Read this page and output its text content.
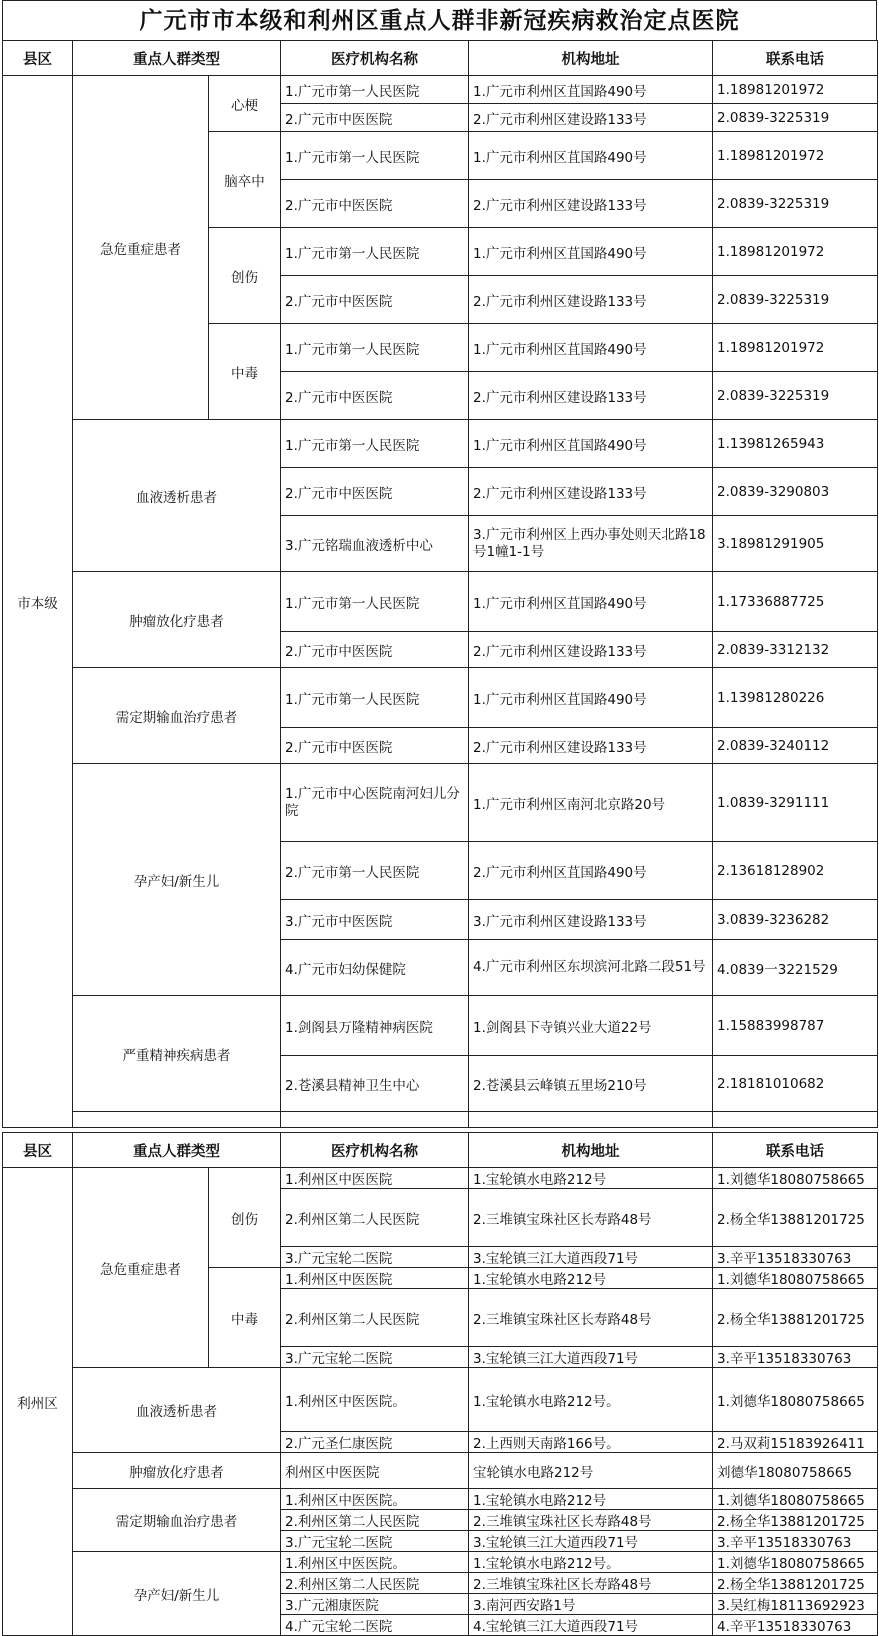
广元市市本级和利州区重点人群非新冠疾病救治定点医院
县区	重点人群类型		医疗机构名称	机构地址	联系电话
市本级	急危重症患者	心梗	1.广元市第一人民医院	1.广元市利州区苴国路490号	1.18981201972
			2.广元市中医医院	2.广元市利州区建设路133号	2.0839-3225319
		脑卒中	1.广元市第一人民医院	1.广元市利州区苴国路490号	1.18981201972
			2.广元市中医医院	2.广元市利州区建设路133号	2.0839-3225319
		创伤	1.广元市第一人民医院	1.广元市利州区苴国路490号	1.18981201972
			2.广元市中医医院	2.广元市利州区建设路133号	2.0839-3225319
		中毒	1.广元市第一人民医院	1.广元市利州区苴国路490号	1.18981201972
			2.广元市中医医院	2.广元市利州区建设路133号	2.0839-3225319
	血液透析患者		1.广元市第一人民医院	1.广元市利州区苴国路490号	1.13981265943
			2.广元市中医医院	2.广元市利州区建设路133号	2.0839-3290803
			3.广元铭瑞血液透析中心	3.广元市利州区上西办事处则天北路18号1幢1-1号	3.18981291905
	肿瘤放化疗患者		1.广元市第一人民医院	1.广元市利州区苴国路490号	1.17336887725
			2.广元市中医医院	2.广元市利州区建设路133号	2.0839-3312132
	需定期输血治疗患者		1.广元市第一人民医院	1.广元市利州区苴国路490号	1.13981280226
			2.广元市中医医院	2.广元市利州区建设路133号	2.0839-3240112
	孕产妇/新生儿		1.广元市中心医院南河妇儿分院	1.广元市利州区南河北京路20号	1.0839-3291111
			2.广元市第一人民医院	2.广元市利州区苴国路490号	2.13618128902
			3.广元市中医医院	3.广元市利州区建设路133号	3.0839-3236282
			4.广元市妇幼保健院	4.广元市利州区东坝滨河北路二段51号	4.0839一3221529
	严重精神疾病患者		1.剑阁县万隆精神病医院	1.剑阁县下寺镇兴业大道22号	1.15883998787
			2.苍溪县精神卫生中心	2.苍溪县云峰镇五里场210号	2.18181010682

县区	重点人群类型		医疗机构名称	机构地址	联系电话
利州区	急危重症患者	创伤	1.利州区中医医院	1.宝轮镇水电路212号	1.刘德华18080758665
			2.利州区第二人民医院	2.三堆镇宝珠社区长寿路48号	2.杨全华13881201725
			3.广元宝轮二医院	3.宝轮镇三江大道西段71号	3.辛平13518330763
		中毒	1.利州区中医医院	1.宝轮镇水电路212号	1.刘德华18080758665
			2.利州区第二人民医院	2.三堆镇宝珠社区长寿路48号	2.杨全华13881201725
			3.广元宝轮二医院	3.宝轮镇三江大道西段71号	3.辛平13518330763
	血液透析患者		1.利州区中医医院。	1.宝轮镇水电路212号。	1.刘德华18080758665
			2.广元圣仁康医院	2.上西则天南路166号。	2.马双莉15183926411
	肿瘤放化疗患者		利州区中医医院	宝轮镇水电路212号	刘德华18080758665
	需定期输血治疗患者		1.利州区中医医院。	1.宝轮镇水电路212号	1.刘德华18080758665
			2.利州区第二人民医院	2.三堆镇宝珠社区长寿路48号	2.杨全华13881201725
			3.广元宝轮二医院	3.宝轮镇三江大道西段71号	3.辛平13518330763
	孕产妇/新生儿		1.利州区中医医院。	1.宝轮镇水电路212号。	1.刘德华18080758665
			2.利州区第二人民医院	2.三堆镇宝珠社区长寿路48号	2.杨全华13881201725
			3.广元湘康医院	3.南河西安路1号	3.吴红梅18113692923
			4.广元宝轮二医院	4.宝轮镇三江大道西段71号	4.辛平13518330763
